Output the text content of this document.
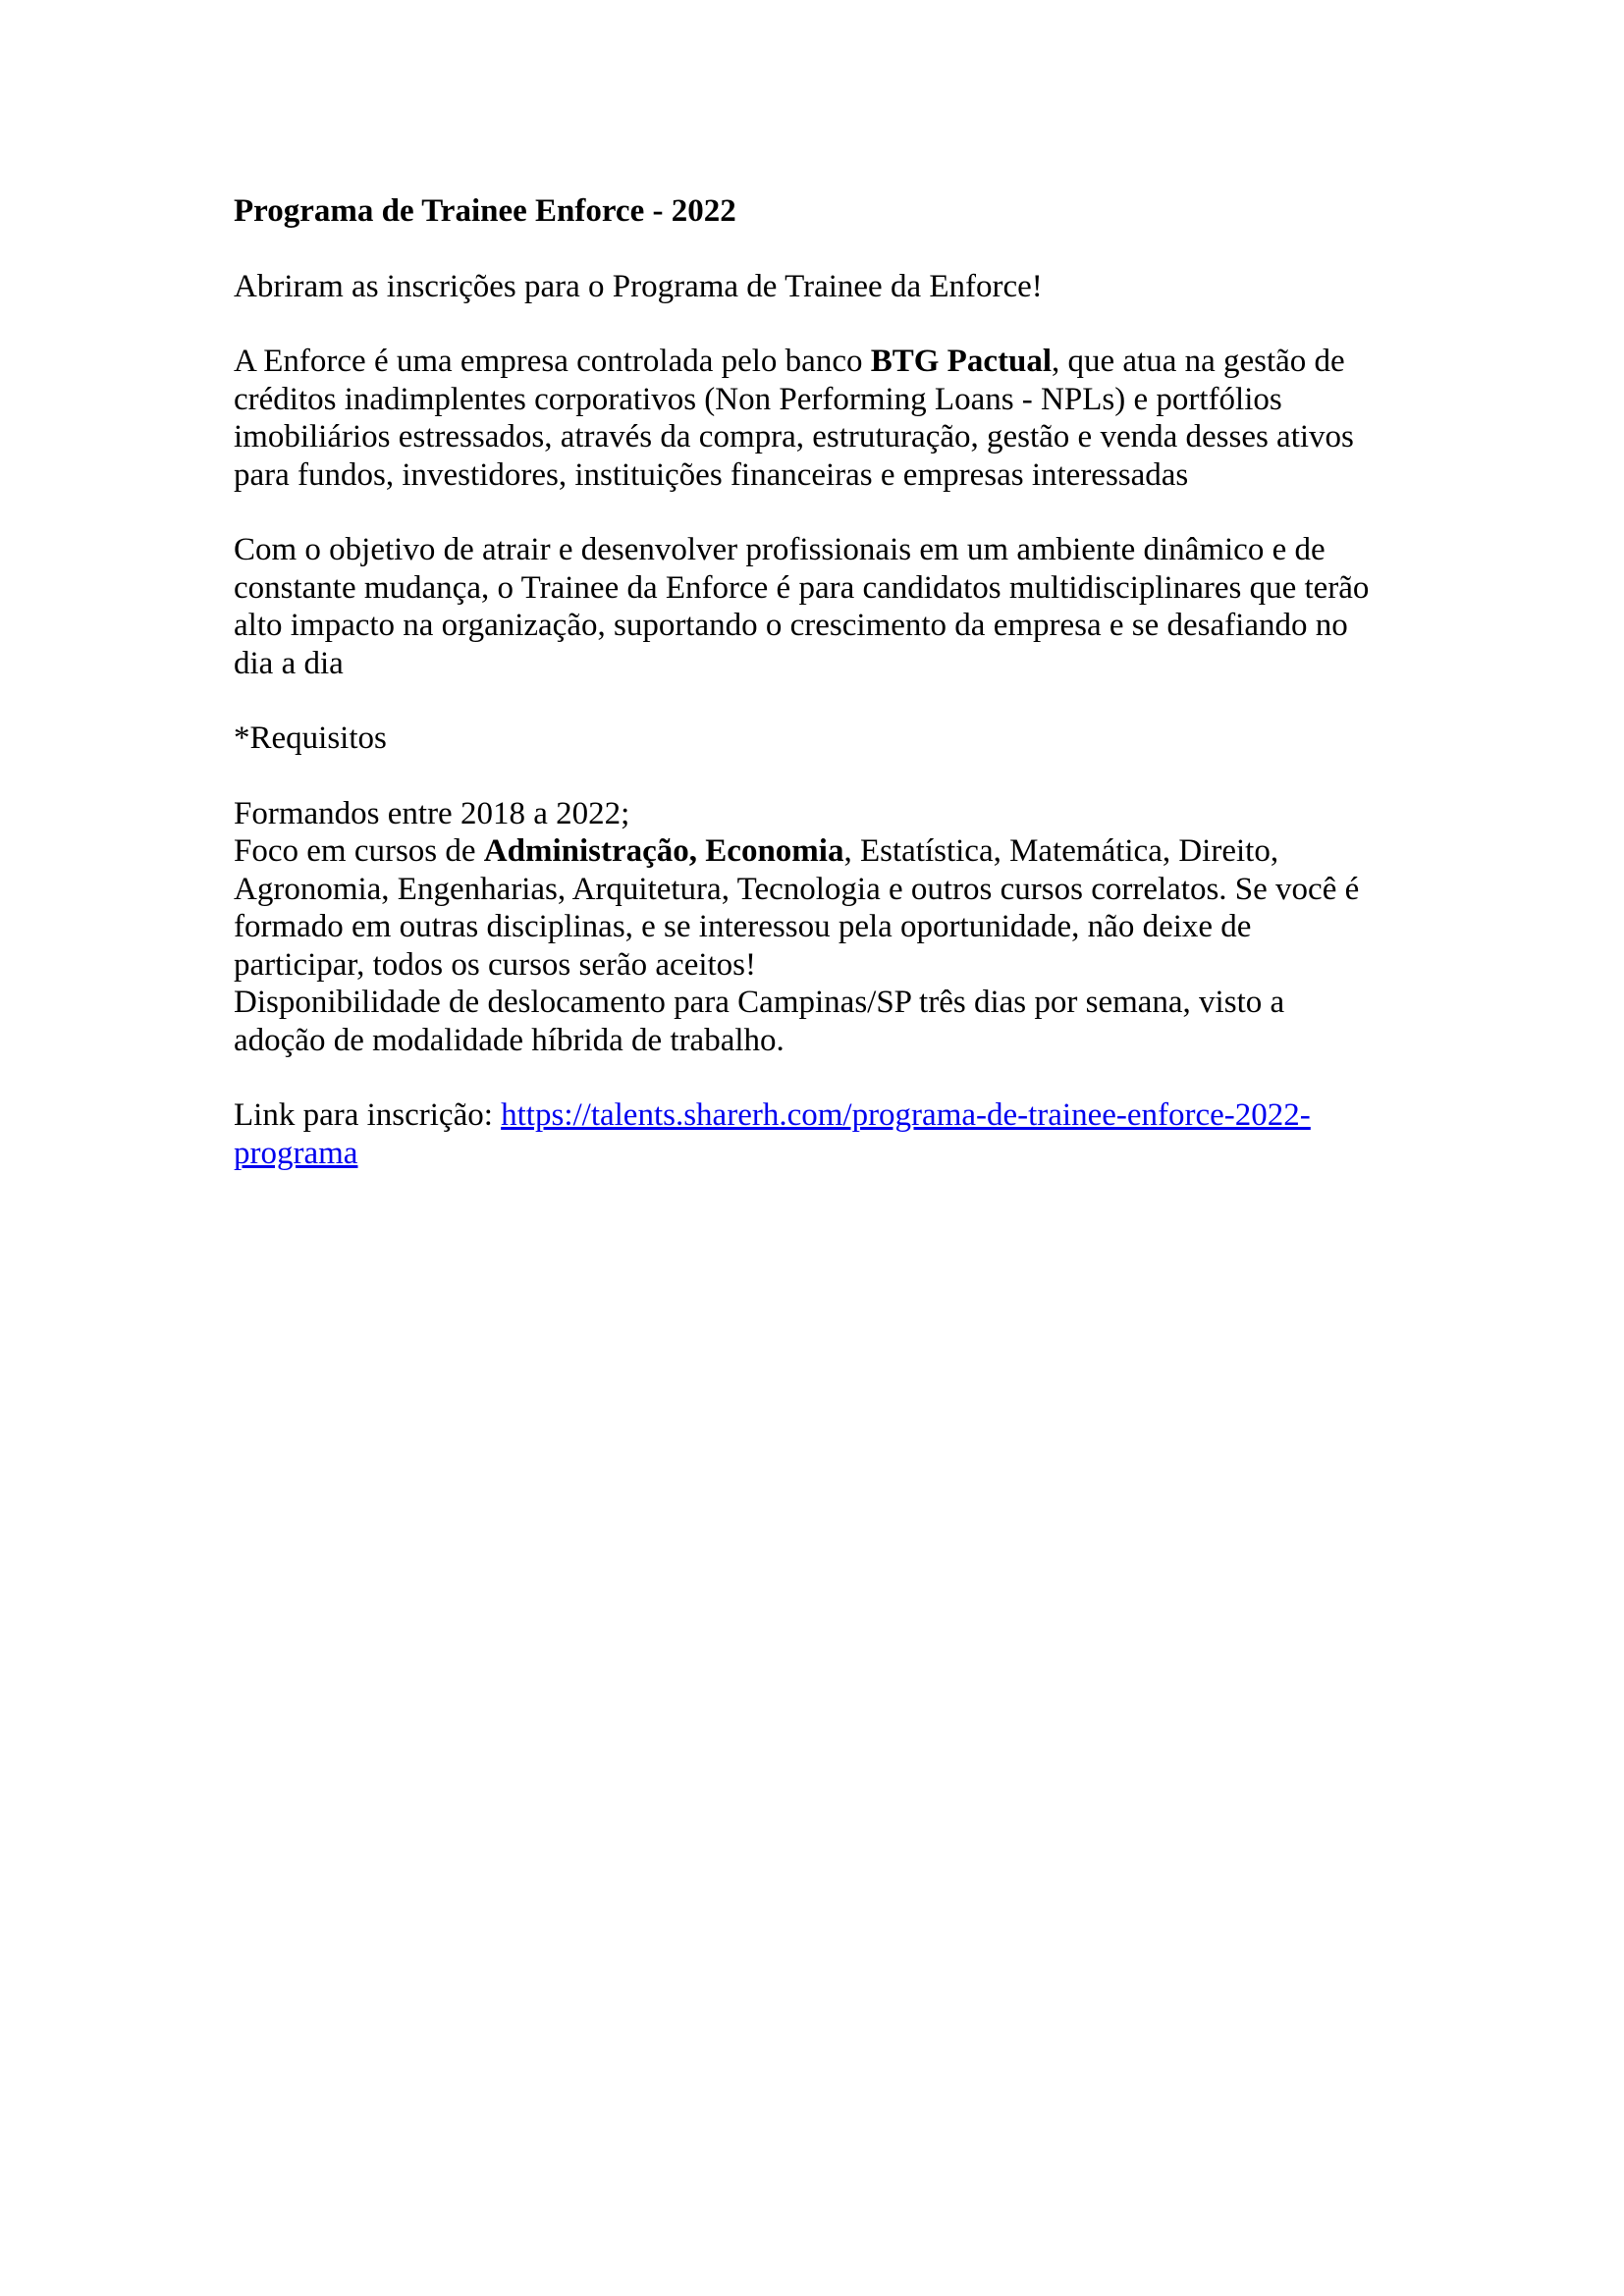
Programa de Trainee Enforce - 2022

Abriram as inscrições para o Programa de Trainee da Enforce!

A Enforce é uma empresa controlada pelo banco BTG Pactual, que atua na gestão de
créditos inadimplentes corporativos (Non Performing Loans - NPLs) e portfólios
imobiliários estressados, através da compra, estruturação, gestão e venda desses ativos
para fundos, investidores, instituições financeiras e empresas interessadas

Com o objetivo de atrair e desenvolver profissionais em um ambiente dinâmico e de
constante mudança, o Trainee da Enforce é para candidatos multidisciplinares que terão
alto impacto na organização, suportando o crescimento da empresa e se desafiando no
dia a dia

*Requisitos

Formandos entre 2018 a 2022;
Foco em cursos de Administração, Economia, Estatística, Matemática, Direito,
Agronomia, Engenharias, Arquitetura, Tecnologia e outros cursos correlatos. Se você é
formado em outras disciplinas, e se interessou pela oportunidade, não deixe de
participar, todos os cursos serão aceitos!
Disponibilidade de deslocamento para Campinas/SP três dias por semana, visto a
adoção de modalidade híbrida de trabalho.

Link para inscrição: https://talents.sharerh.com/programa-de-trainee-enforce-2022-
programa
